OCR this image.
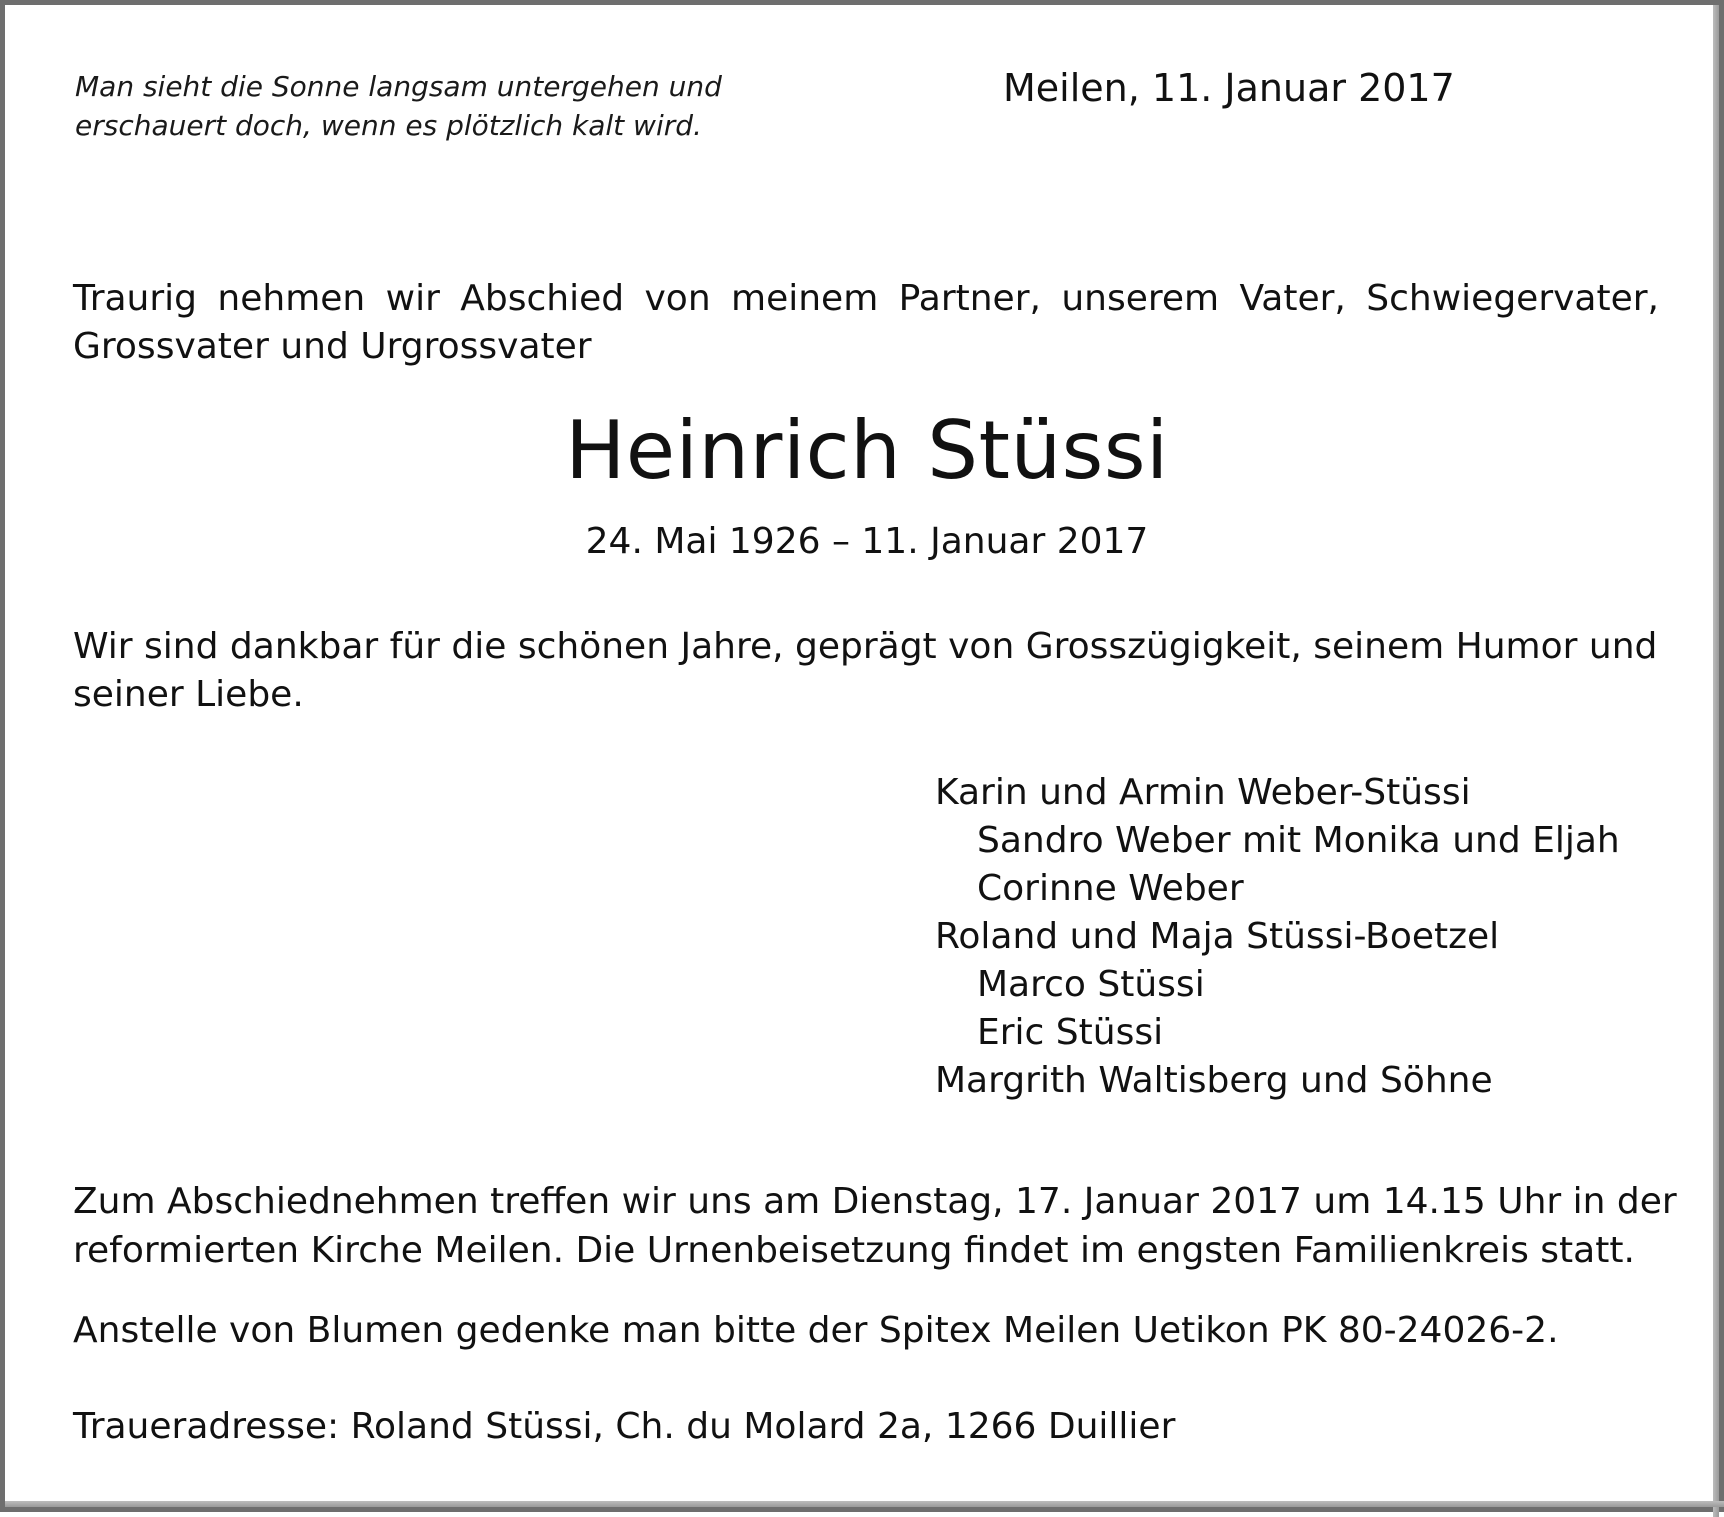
Man sieht die Sonne langsam untergehen und
erschauert doch, wenn es plötzlich kalt wird.
Meilen, 11. Januar 2017
Traurig nehmen wir Abschied von meinem Partner, unserem Vater, Schwiegervater,
Grossvater und Urgrossvater
Heinrich Stüssi
24. Mai 1926 – 11. Januar 2017
Wir sind dankbar für die schönen Jahre, geprägt von Grosszügigkeit, seinem Humor und
seiner Liebe.
Karin und Armin Weber-Stüssi
Sandro Weber mit Monika und Eljah
Corinne Weber
Roland und Maja Stüssi-Boetzel
Marco Stüssi
Eric Stüssi
Margrith Waltisberg und Söhne
Zum Abschiednehmen treffen wir uns am Dienstag, 17. Januar 2017 um 14.15 Uhr in der
reformierten Kirche Meilen. Die Urnenbeisetzung findet im engsten Familienkreis statt.
Anstelle von Blumen gedenke man bitte der Spitex Meilen Uetikon PK 80-24026-2.
Traueradresse: Roland Stüssi, Ch. du Molard 2a, 1266 Duillier
